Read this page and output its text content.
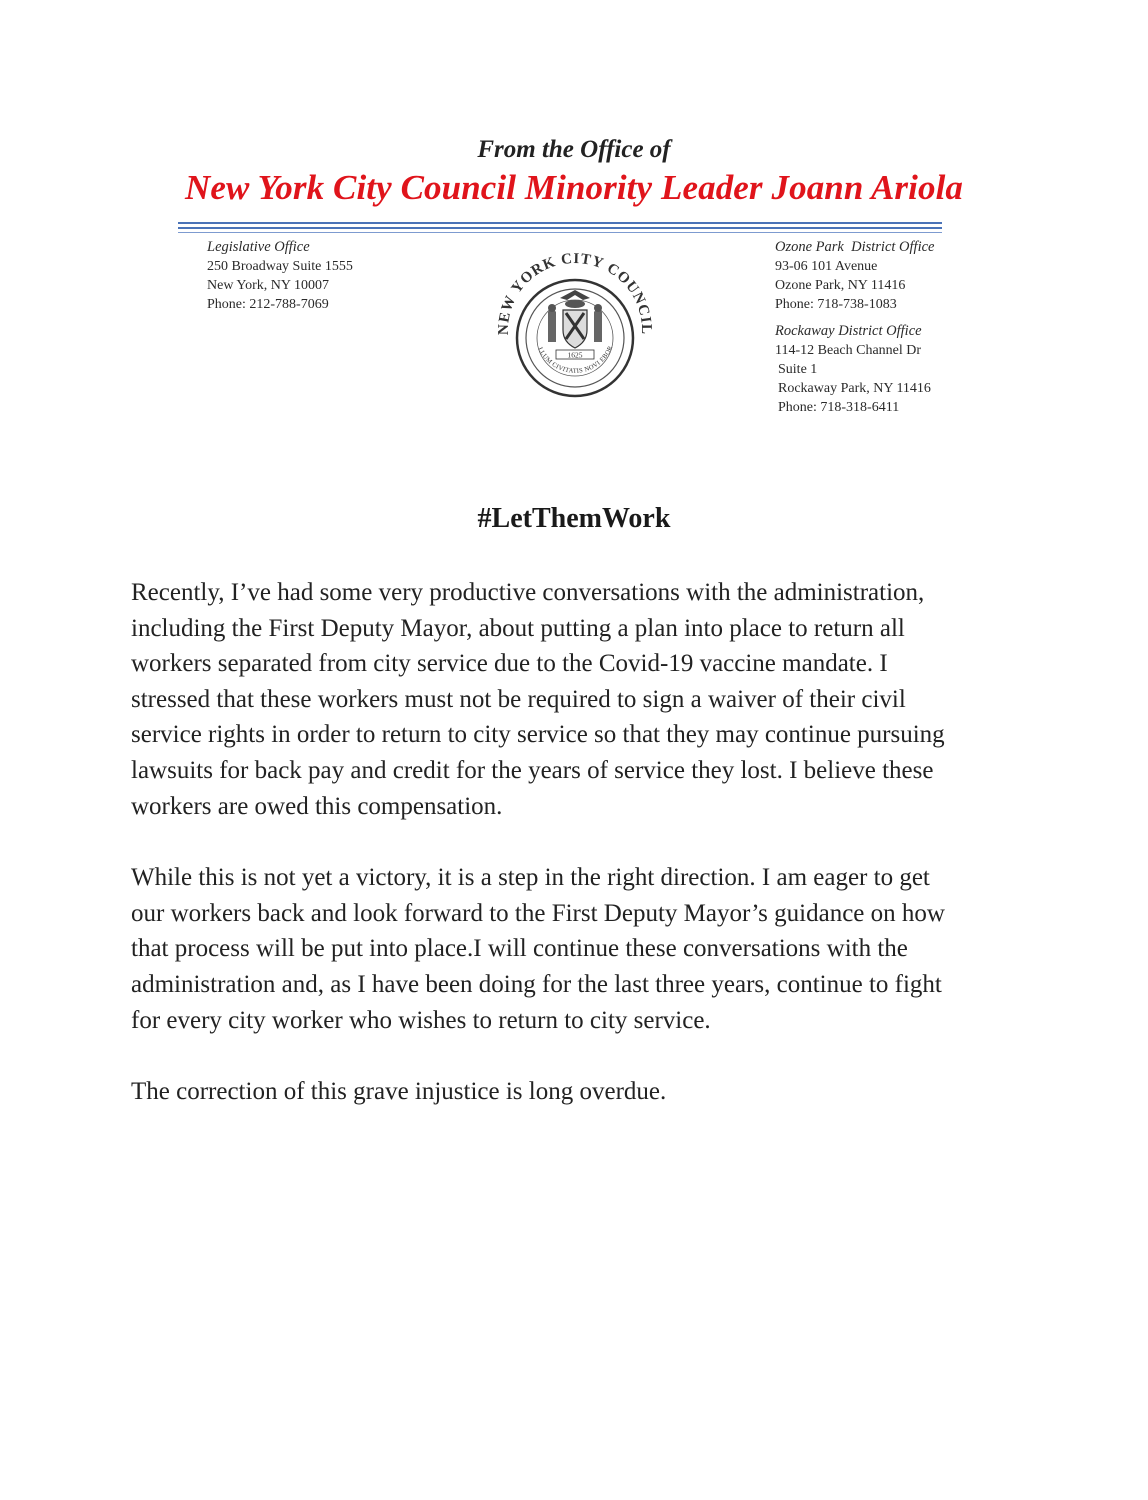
From the Office of
New York City Council Minority Leader Joann Ariola
Legislative Office
250 Broadway Suite 1555
New York, NY 10007
Phone: 212-788-7069
Ozone Park  District Office
93-06 101 Avenue
Ozone Park, NY 11416
Phone: 718-738-1083
Rockaway District Office
114-12 Beach Channel Dr
Suite 1
Rockaway Park, NY 11416
Phone: 718-318-6411
NEW YORK CITY COUNCIL
LLUM CIVITATIS NOVI EBOR
1625
#LetThemWork

Recently, I’ve had some very productive conversations with the administration,

including the First Deputy Mayor, about putting a plan into place to return all

workers separated from city service due to the Covid-19 vaccine mandate. I

stressed that these workers must not be required to sign a waiver of their civil

service rights in order to return to city service so that they may continue pursuing

lawsuits for back pay and credit for the years of service they lost. I believe these

workers are owed this compensation.

While this is not yet a victory, it is a step in the right direction. I am eager to get

our workers back and look forward to the First Deputy Mayor’s guidance on how

that process will be put into place.I will continue these conversations with the

administration and, as I have been doing for the last three years, continue to fight

for every city worker who wishes to return to city service.

The correction of this grave injustice is long overdue.
